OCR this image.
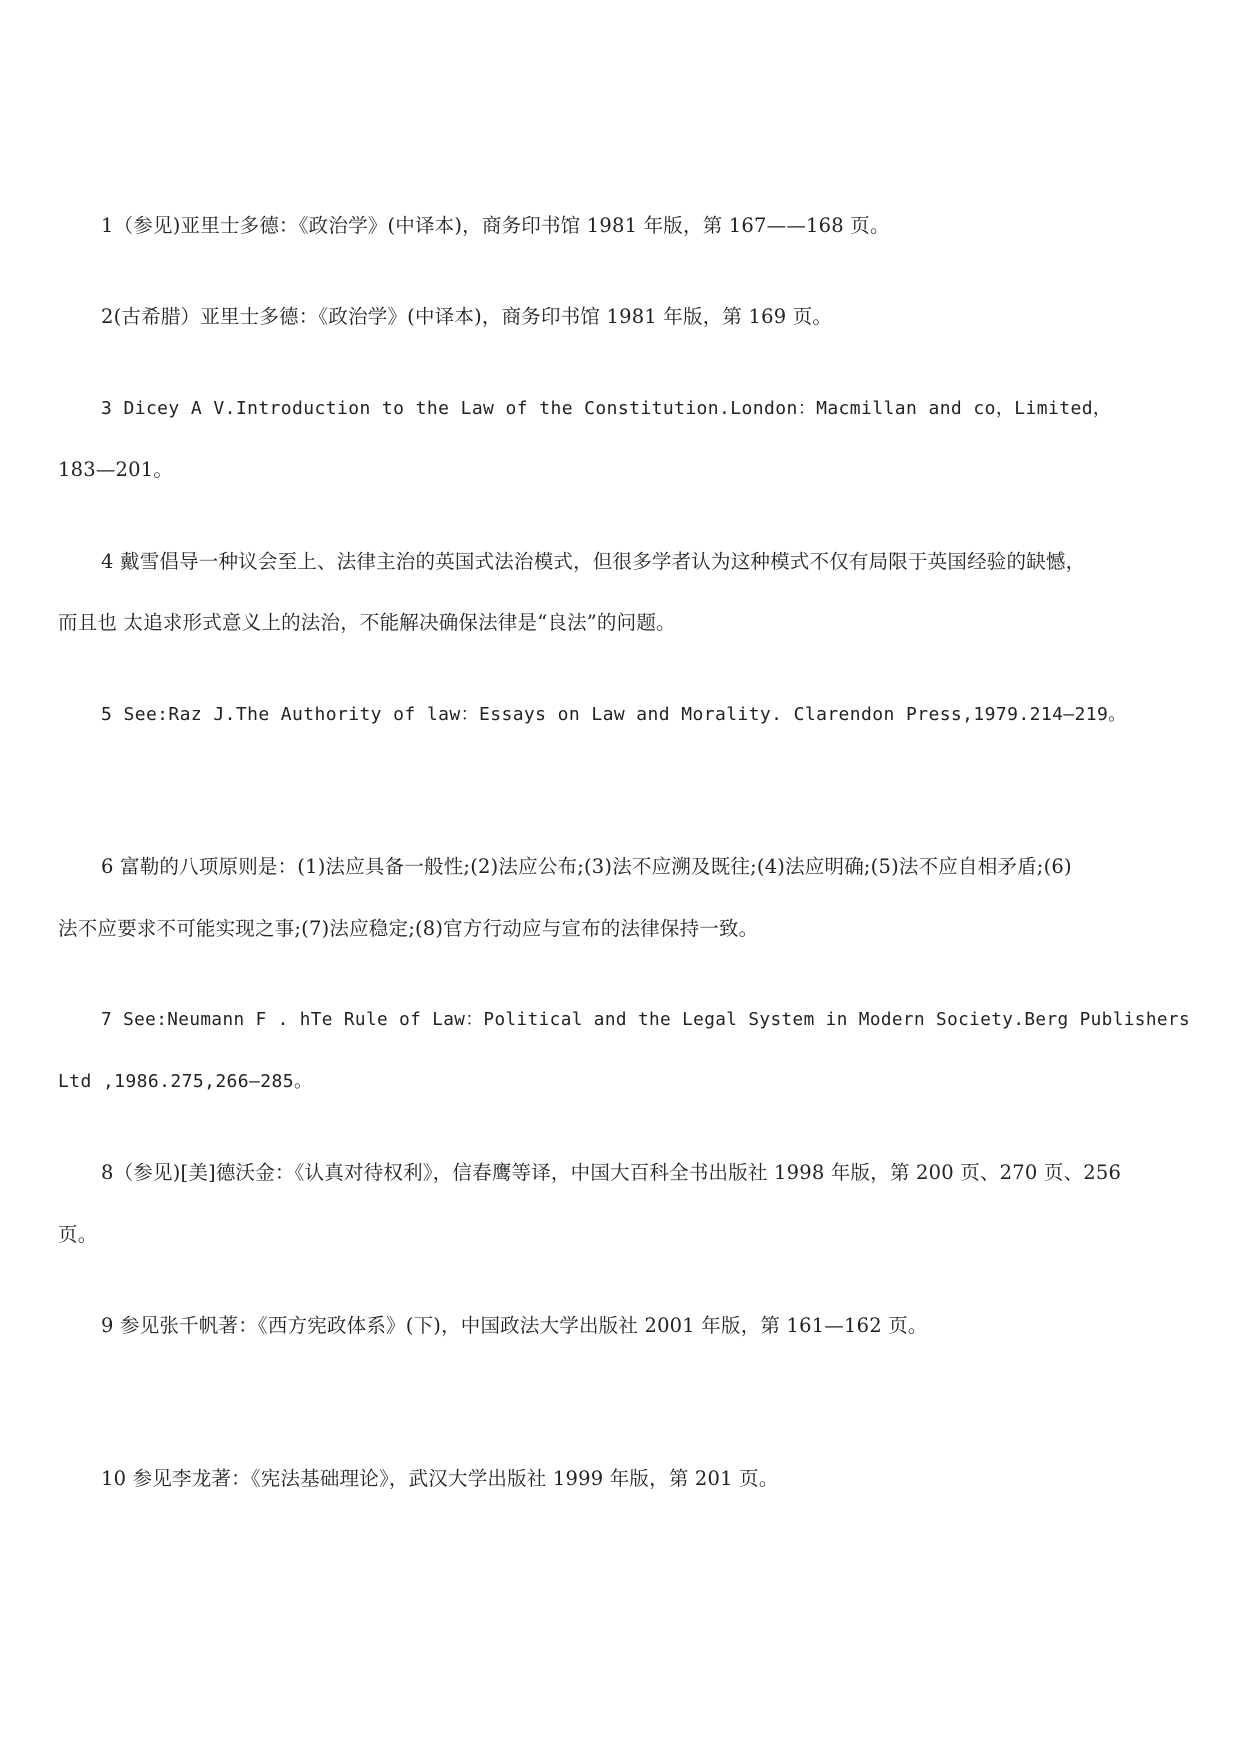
1（参见)亚里士多德：《政治学》(中译本)，商务印书馆 1981 年版，第 167——168 页。
2(古希腊）亚里士多德：《政治学》(中译本)，商务印书馆 1981 年版，第 169 页。
3 Dicey A V.Introduction to the Law of the Constitution.London：Macmillan and co，Limited，
183—201。
4 戴雪倡导一种议会至上、法律主治的英国式法治模式，但很多学者认为这种模式不仅有局限于英国经验的缺憾，
而且也 太追求形式意义上的法治，不能解决确保法律是“良法”的问题。
5 See:Raz J.The Authority of law：Essays on Law and Morality. Clarendon Press,1979.214—219。
6 富勒的八项原则是：(1)法应具备一般性;(2)法应公布;(3)法不应溯及既往;(4)法应明确;(5)法不应自相矛盾;(6)
法不应要求不可能实现之事;(7)法应稳定;(8)官方行动应与宣布的法律保持一致。
7 See:Neumann F . hTe Rule of Law：Political and the Legal System in Modern Society.Berg Publishers
Ltd ,1986.275,266—285。
8（参见)[美]德沃金：《认真对待权利》，信春鹰等译，中国大百科全书出版社 1998 年版，第 200 页、270 页、256
页。
9 参见张千帆著：《西方宪政体系》(下)，中国政法大学出版社 2001 年版，第 161—162 页。
10 参见李龙著：《宪法基础理论》，武汉大学出版社 1999 年版，第 201 页。
